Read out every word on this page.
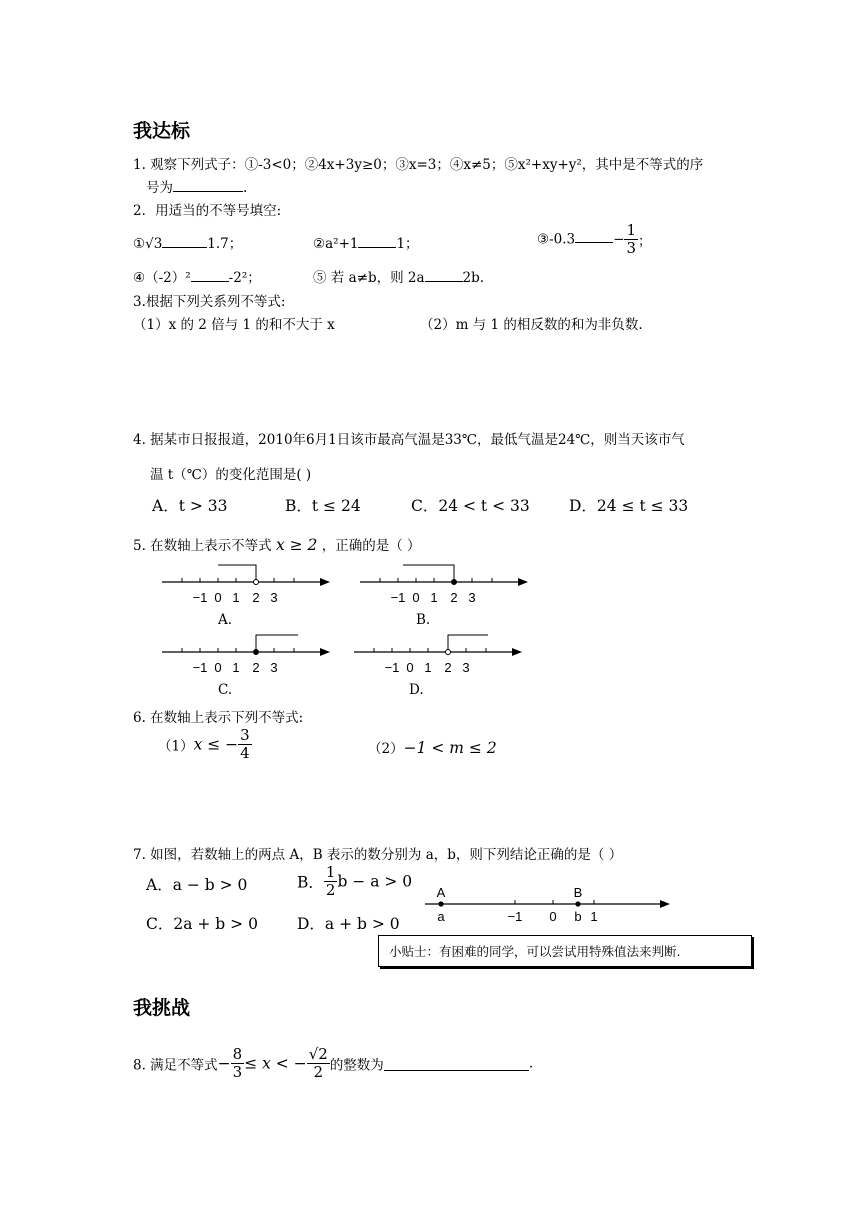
我达标
1. 观察下列式子：①-3<0；②4x+3y≥0；③x=3；④x≠5；⑤x²+xy+y²，其中是不等式的序
号为	.
2．用适当的不等号填空:
①√3	1.7；	②a²+1	1；	③-0.3	− $\frac{1}{3}$ ；
④（-2）²	-2²；	⑤ 若 a≠b，则 2a	2b.
3.根据下列关系列不等式:
（1）x 的 2 倍与 1 的和不大于 x	（2）m 与 1 的相反数的和为非负数.
4. 据某市日报报道，2010年6月1日该市最高气温是33℃，最低气温是24℃，则当天该市气
温 t（℃）的变化范围是( )
A．t > 33	B．t ≤ 24	C．24 < t < 33	D．24 ≤ t ≤ 33
5. 在数轴上表示不等式 x ≥ 2 ，正确的是（ ）
−1 0 1 2 3
A.
−1 0 1 2 3
B.
−1 0 1 2 3
C.
−1 0 1 2 3
D.
6. 在数轴上表示下列不等式:
（1）x ≤ − $\frac{3}{4}$	（2）−1 < m ≤ 2
7. 如图，若数轴上的两点 A，B 表示的数分别为 a，b，则下列结论正确的是（ ）
A．a − b > 0	B． $\frac{1}{2}$ b − a > 0
C．2a + b > 0	D．a + b > 0
A	B
a	−1 0 b 1
小贴士：有困难的同学，可以尝试用特殊值法来判断.
我挑战
8. 满足不等式− $\frac{8}{3} \le x$ < − $\frac{√2}{2}$ 的整数为	.
